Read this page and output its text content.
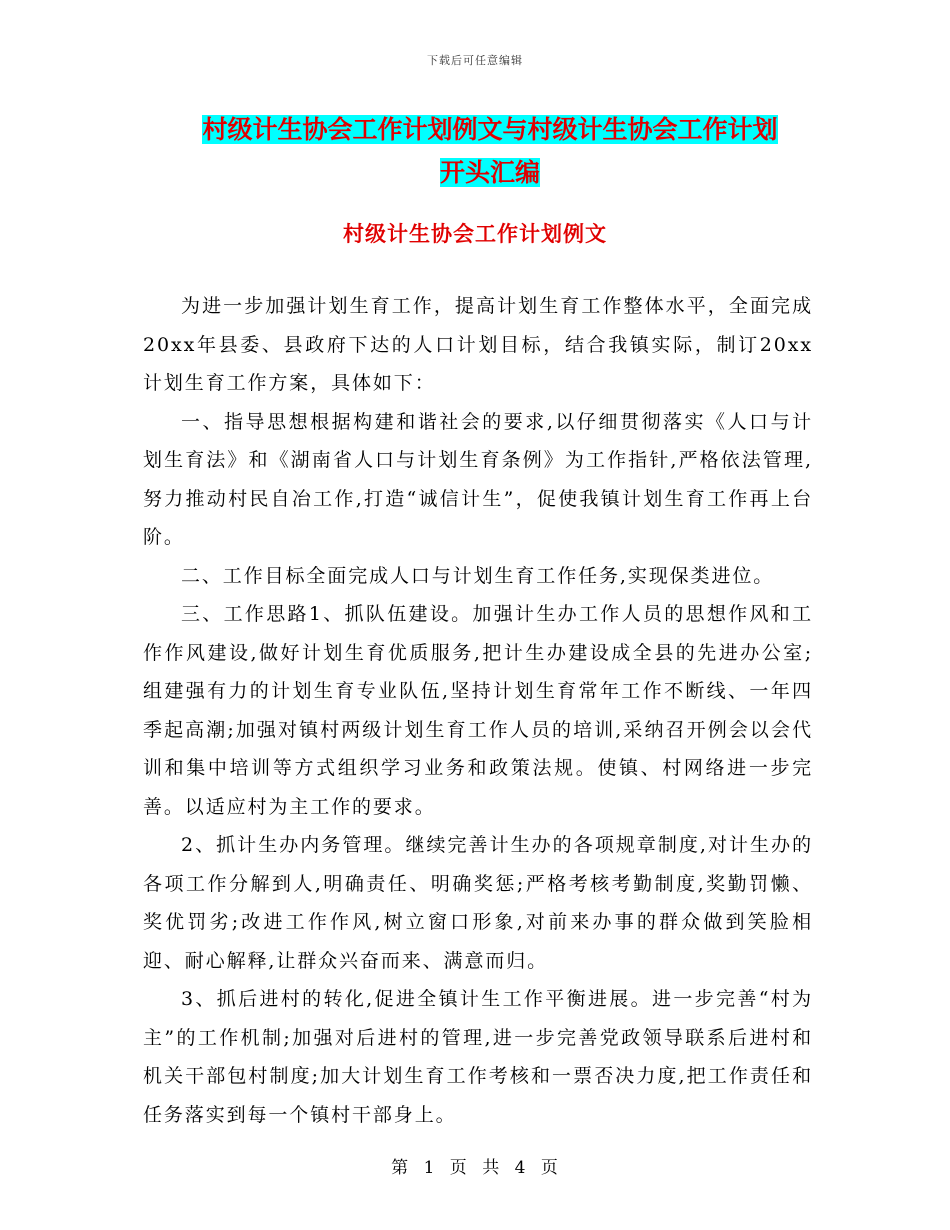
下载后可任意编辑
村级计生协会工作计划例文与村级计生协会工作计划
开头汇编
村级计生协会工作计划例文

为进一步加强计划生育工作，提高计划生育工作整体水平，全面完成20xx年县委、县政府下达的人口计划目标，结合我镇实际，制订20xx计划生育工作方案，具体如下：

一、指导思想根据构建和谐社会的要求,以仔细贯彻落实《人口与计划生育法》和《湖南省人口与计划生育条例》为工作指针,严格依法管理,努力推动村民自冶工作,打造“诚信计生”，促使我镇计划生育工作再上台阶。

二、工作目标全面完成人口与计划生育工作任务,实现保类进位。

三、工作思路1、抓队伍建设。加强计生办工作人员的思想作风和工作作风建设,做好计划生育优质服务,把计生办建设成全县的先进办公室;组建强有力的计划生育专业队伍,坚持计划生育常年工作不断线、一年四季起高潮;加强对镇村两级计划生育工作人员的培训,采纳召开例会以会代训和集中培训等方式组织学习业务和政策法规。使镇、村网络进一步完善。以适应村为主工作的要求。

2、抓计生办内务管理。继续完善计生办的各项规章制度,对计生办的各项工作分解到人,明确责任、明确奖惩;严格考核考勤制度,奖勤罚懒、奖优罚劣;改进工作作风,树立窗口形象,对前来办事的群众做到笑脸相迎、耐心解释,让群众兴奋而来、满意而归。

3、抓后进村的转化,促进全镇计生工作平衡进展。进一步完善“村为主”的工作机制;加强对后进村的管理,进一步完善党政领导联系后进村和机关干部包村制度;加大计划生育工作考核和一票否决力度,把工作责任和任务落实到每一个镇村干部身上。

第 1 页 共 4 页
